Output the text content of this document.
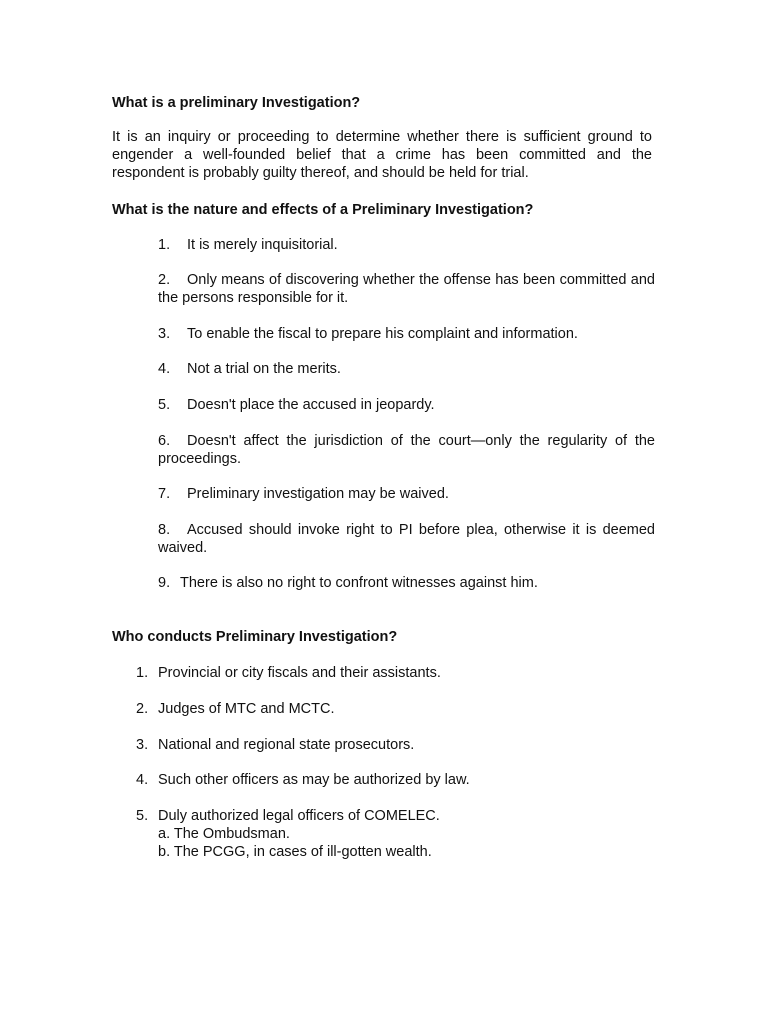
What is a preliminary Investigation?
It is an inquiry or proceeding to determine whether there is sufficient ground to engender a well-founded belief that a crime has been committed and the respondent is probably guilty thereof, and should be held for trial.
What is the nature and effects of a Preliminary Investigation?
1. It is merely inquisitorial.
2. Only means of discovering whether the offense has been committed and the persons responsible for it.
3. To enable the fiscal to prepare his complaint and information.
4. Not a trial on the merits.
5. Doesn't place the accused in jeopardy.
6. Doesn't affect the jurisdiction of the court—only the regularity of the proceedings.
7. Preliminary investigation may be waived.
8. Accused should invoke right to PI before plea, otherwise it is deemed waived.
9. There is also no right to confront witnesses against him.
Who conducts Preliminary Investigation?
1. Provincial or city fiscals and their assistants.
2. Judges of MTC and MCTC.
3. National and regional state prosecutors.
4. Such other officers as may be authorized by law.
5. Duly authorized legal officers of COMELEC.
a. The Ombudsman.
b. The PCGG, in cases of ill-gotten wealth.
